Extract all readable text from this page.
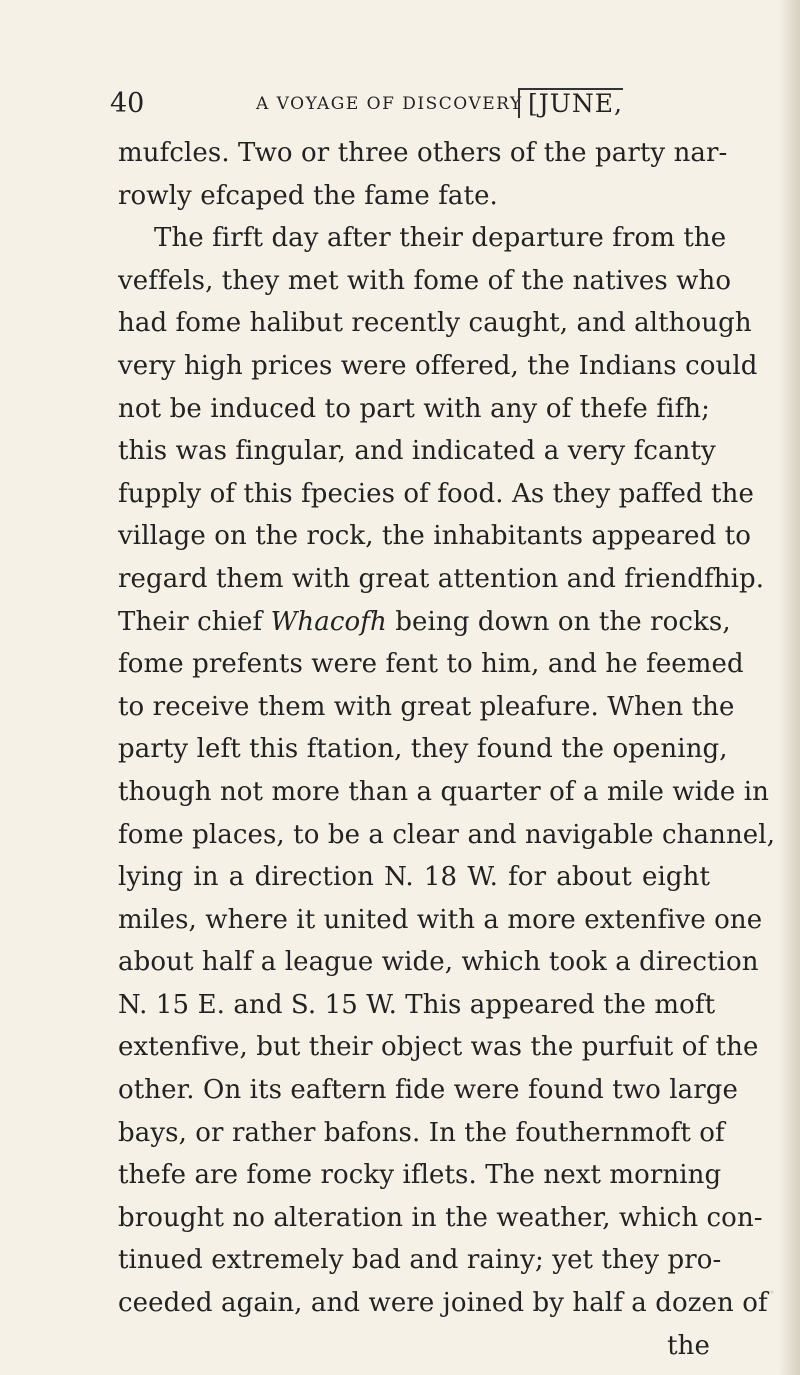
40	A VOYAGE OF DISCOVERY [JUNE,
mufcles. Two or three others of the party nar-
rowly efcaped the fame fate.
The firft day after their departure from the
veffels, they met with fome of the natives who
had fome halibut recently caught, and although
very high prices were offered, the Indians could
not be induced to part with any of thefe fifh;
this was fingular, and indicated a very fcanty
fupply of this fpecies of food. As they paffed the
village on the rock, the inhabitants appeared to
regard them with great attention and friendfhip.
Their chief Whacofh being down on the rocks,
fome prefents were fent to him, and he feemed
to receive them with great pleafure. When the
party left this ftation, they found the opening,
though not more than a quarter of a mile wide in
fome places, to be a clear and navigable channel,
lying in a direction N. 18 W. for about eight
miles, where it united with a more extenfive one
about half a league wide, which took a direction
N. 15 E. and S. 15 W. This appeared the moft
extenfive, but their object was the purfuit of the
other. On its eaftern fide were found two large
bays, or rather bafons. In the fouthernmoft of
thefe are fome rocky iflets. The next morning
brought no alteration in the weather, which con-
tinued extremely bad and rainy; yet they pro-
ceeded again, and were joined by half a dozen of
the
